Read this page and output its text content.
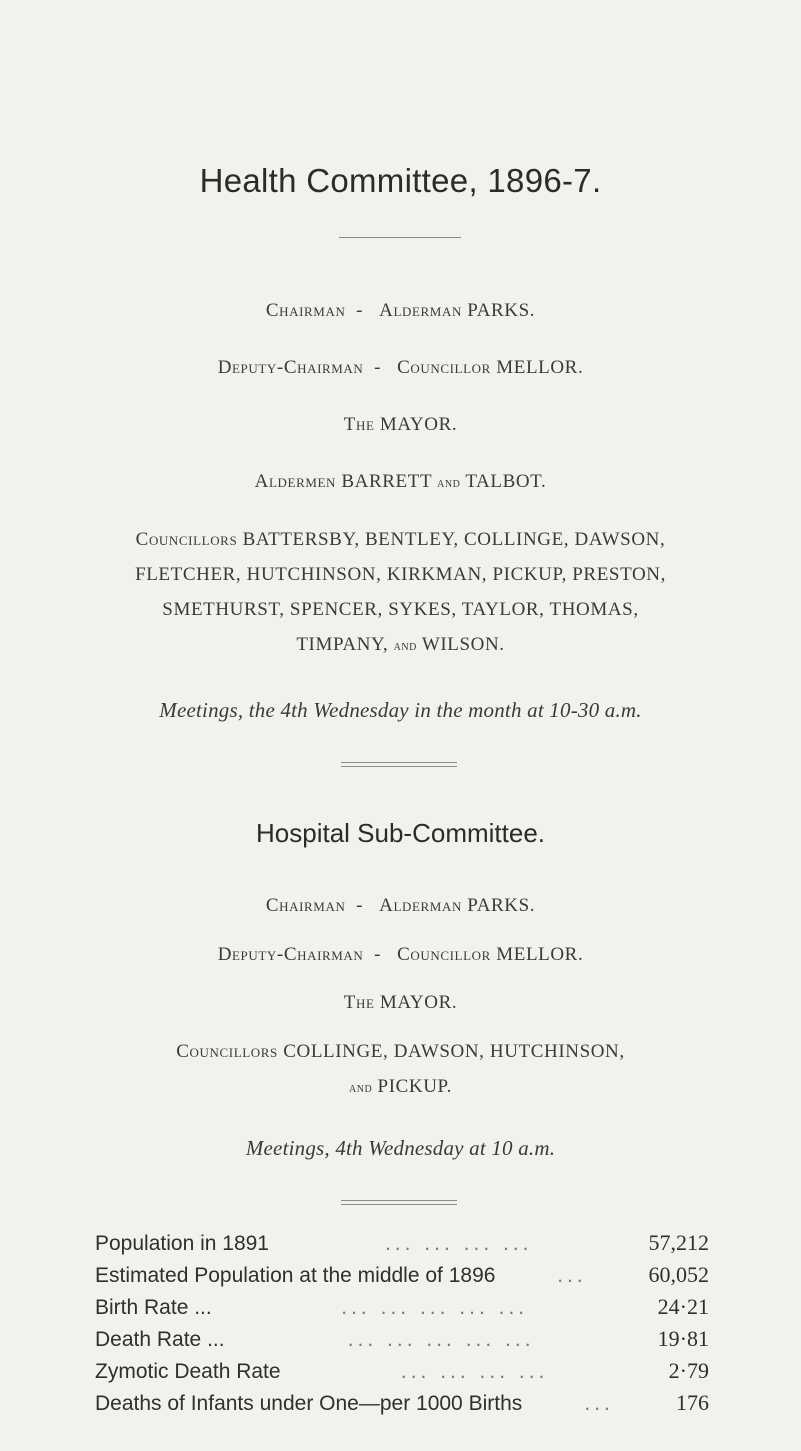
Health Committee, 1896-7.
Chairman  -   Alderman PARKS.
Deputy-Chairman  -   Councillor MELLOR.
The MAYOR.
Aldermen BARRETT and TALBOT.
Councillors BATTERSBY, BENTLEY, COLLINGE, DAWSON,
FLETCHER, HUTCHINSON, KIRKMAN, PICKUP, PRESTON,
SMETHURST, SPENCER, SYKES, TAYLOR, THOMAS,
TIMPANY, and WILSON.
Meetings, the 4th Wednesday in the month at 10-30 a.m.
Hospital Sub-Committee.
Chairman  -   Alderman PARKS.
Deputy-Chairman  -   Councillor MELLOR.
The MAYOR.
Councillors COLLINGE, DAWSON, HUTCHINSON,
and PICKUP.
Meetings, 4th Wednesday at 10 a.m.
Population in 1891	... ... ... ...	57,212
Estimated Population at the middle of 1896	...	60,052
Birth Rate ...	... ... ... ... ...	24·21
Death Rate ...	... ... ... ... ...	19·81
Zymotic Death Rate	... ... ... ...	2·79
Deaths of Infants under One—per 1000 Births	...	176
